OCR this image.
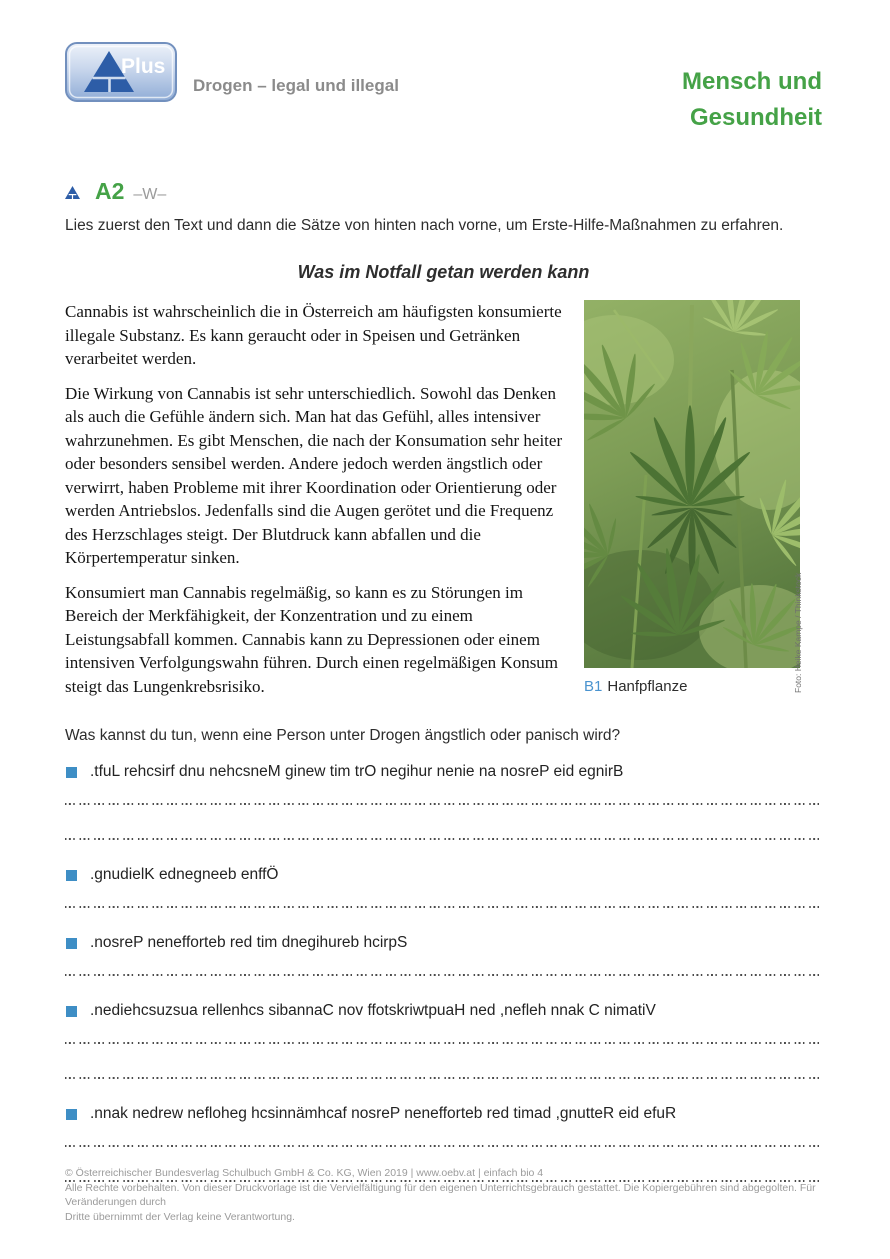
Plus
Drogen – legal und illegal	Mensch und
Gesundheit
A2 –W–

Lies zuerst den Text und dann die Sätze von hinten nach vorne, um Erste-Hilfe-Maßnahmen zu erfahren.

Was im Notfall getan werden kann

Cannabis ist wahrscheinlich die in Österreich am häufigsten konsumierte illegale Substanz. Es kann geraucht oder in Speisen und Getränken verarbeitet werden.

Die Wirkung von Cannabis ist sehr unterschiedlich. Sowohl das Denken als auch die Gefühle ändern sich. Man hat das Gefühl, alles intensiver wahrzunehmen. Es gibt Menschen, die nach der Konsumation sehr heiter oder besonders sensibel werden. Andere jedoch werden ängstlich oder verwirrt, haben Probleme mit ihrer Koordination oder Orientierung oder werden Antriebslos. Jedenfalls sind die Augen gerötet und die Frequenz des Herzschlages steigt. Der Blutdruck kann abfallen und die Körpertemperatur sinken.

Konsumiert man Cannabis regelmäßig, so kann es zu Störungen im Bereich der Merkfähigkeit, der Konzentration und zu einem Leistungsabfall kommen. Cannabis kann zu Depressionen oder einem intensiven Verfolgungswahn führen. Durch einen regelmäßigen Konsum steigt das Lungenkrebsrisiko.	Foto: Heike Kampe / Thinkstock
B1 Hanfpflanze

Was kannst du tun, wenn eine Person unter Drogen ängstlich oder panisch wird?

.tfuL rehcsirf dnu nehcsneM ginew tim trO negihur nenie na nosreP eid egnirB
.gnudielK ednegneeb enffÖ
.nosreP nenefforteb red tim dnegihureb hcirpS
.nediehcsuzsua rellenhcs sibannaC nov ffotskriwtpuaH ned ,nefleh nnak C nimatiV
.nnak nedrew nefloheg hcsinnämhcaf nosreP nenefforteb red timad ,gnutteR eid efuR
© Österreichischer Bundesverlag Schulbuch GmbH & Co. KG, Wien 2019 | www.oebv.at | einfach bio 4
Alle Rechte vorbehalten. Von dieser Druckvorlage ist die Vervielfältigung für den eigenen Unterrichtsgebrauch gestattet. Die Kopiergebühren sind abgegolten. Für Veränderungen durch
Dritte übernimmt der Verlag keine Verantwortung.
